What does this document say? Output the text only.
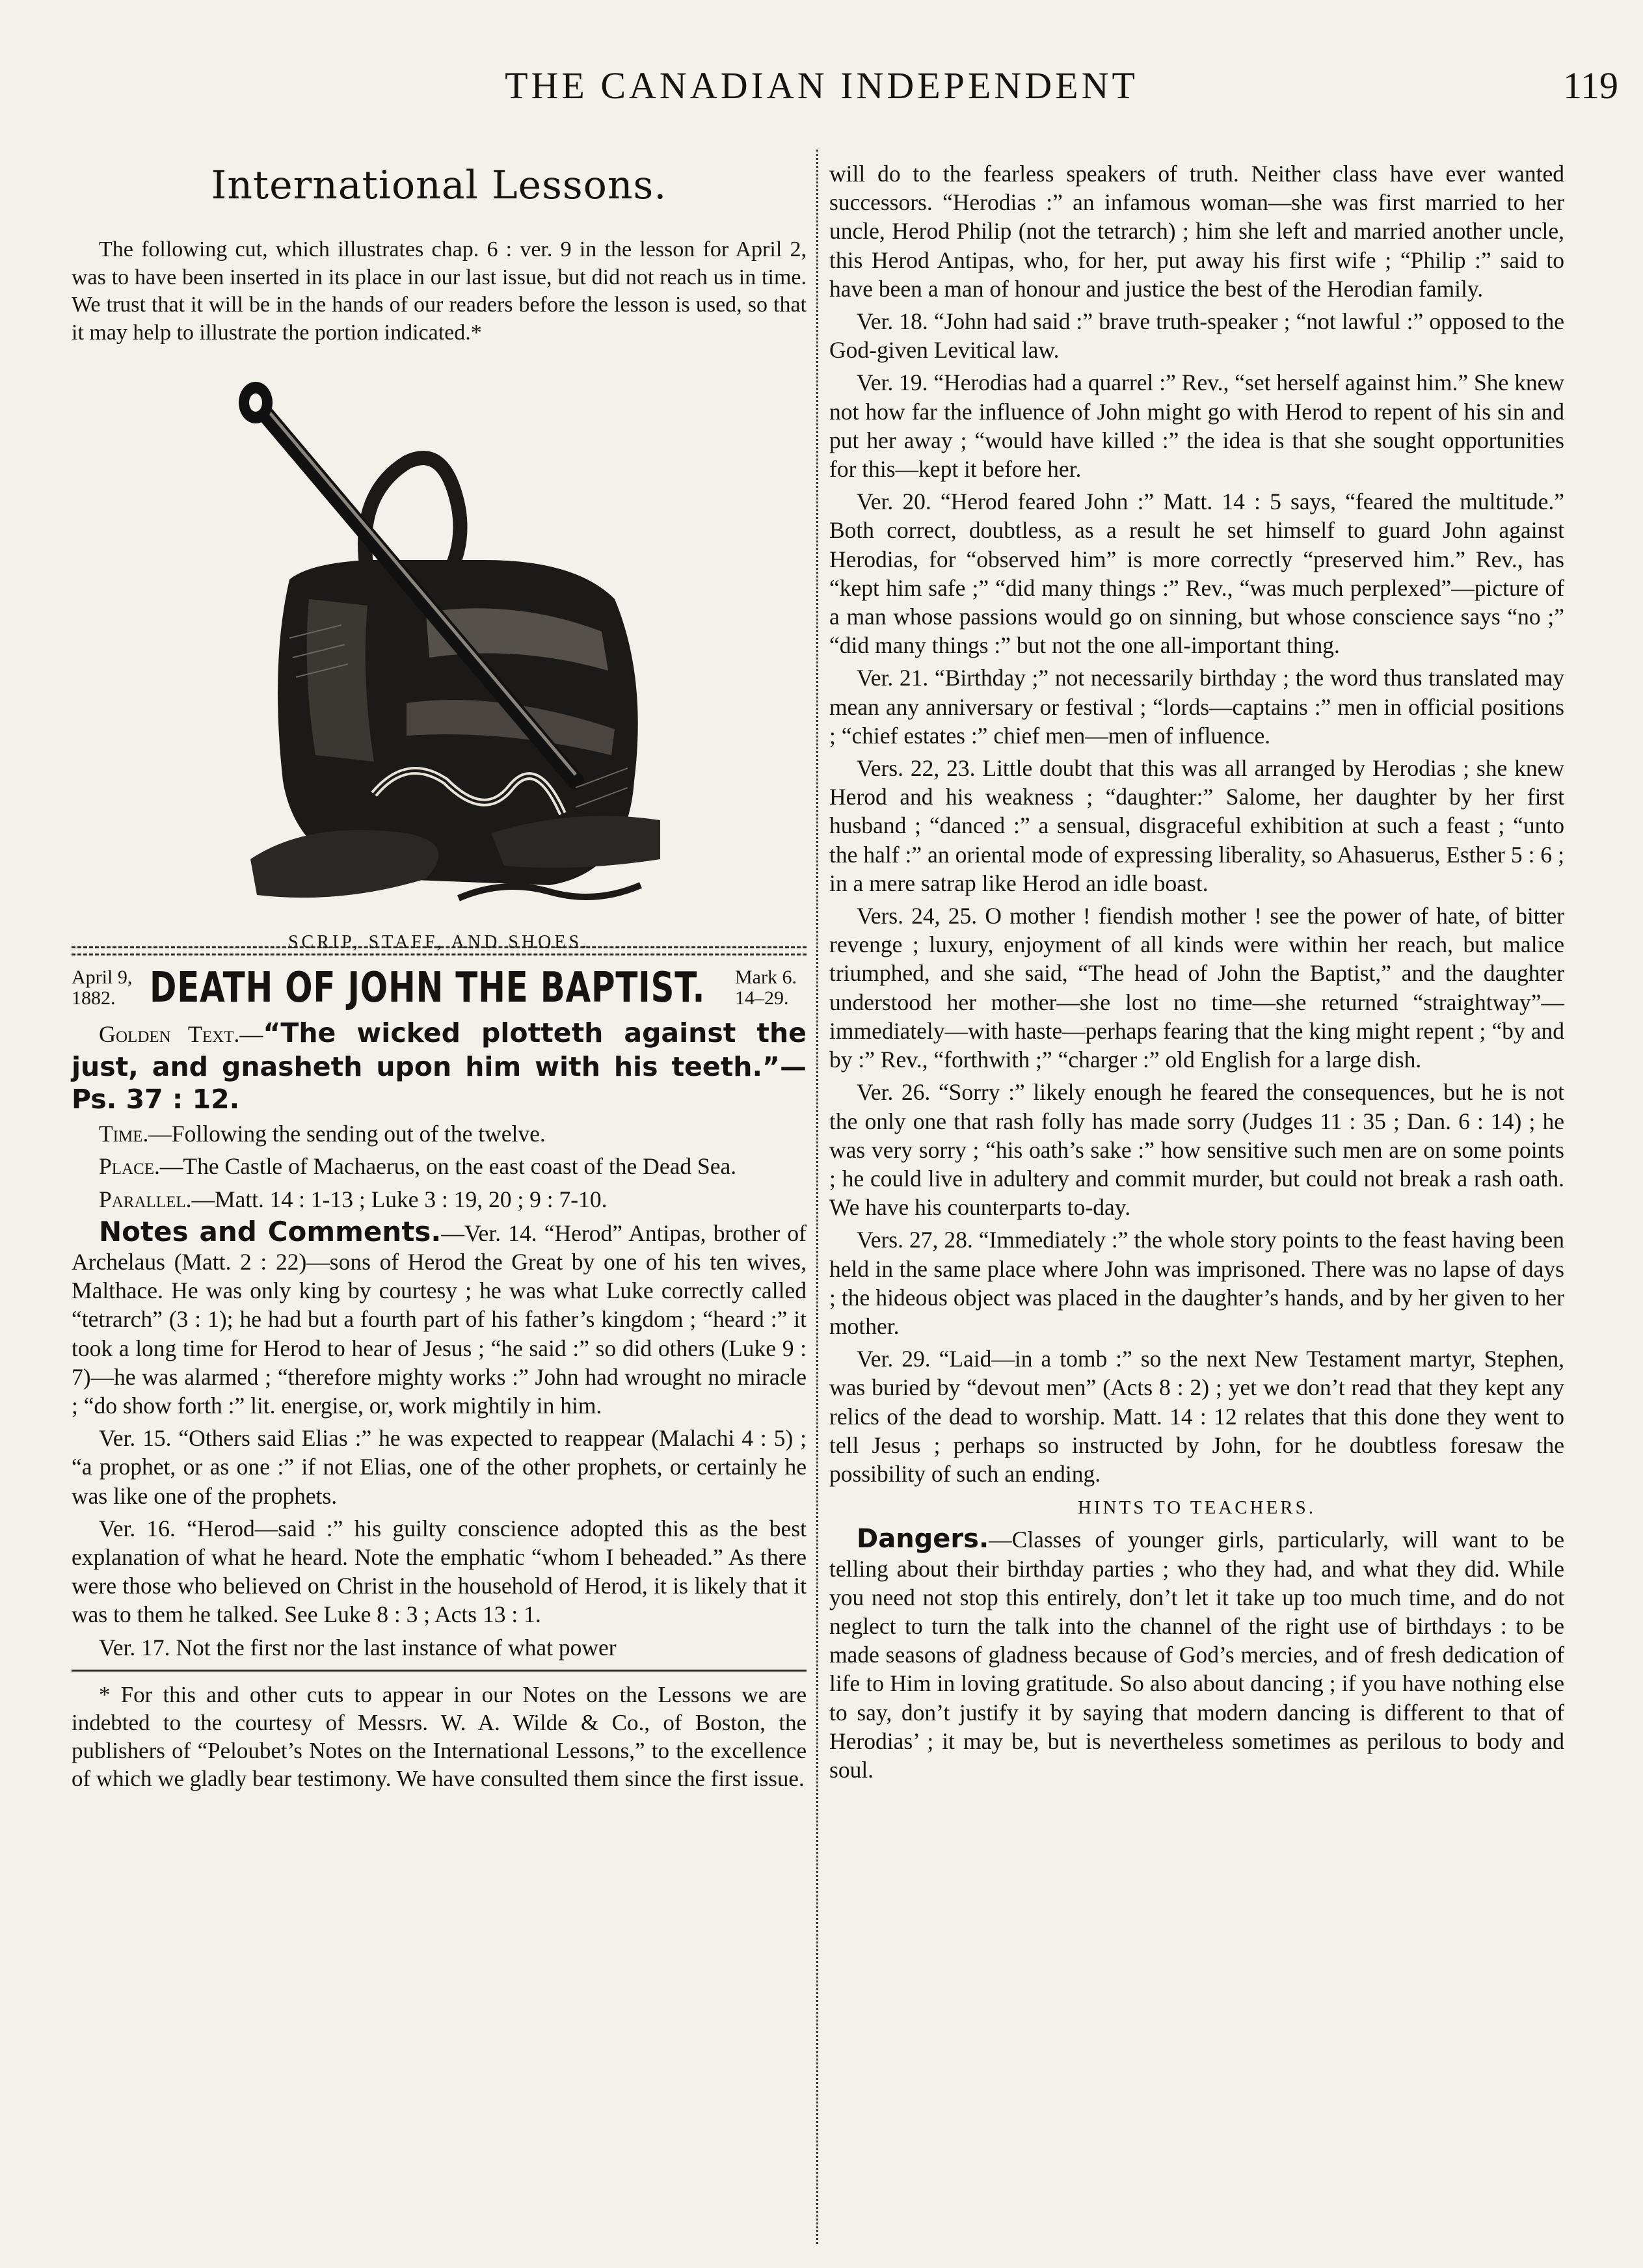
THE CANADIAN INDEPENDENT	119
International Lessons.

The following cut, which illustrates chap. 6 : ver. 9 in the lesson for April 2, was to have been inserted in its place in our last issue, but did not reach us in time. We trust that it will be in the hands of our readers before the lesson is used, so that it may help to illustrate the portion indicated.*

SCRIP, STAFF, AND SHOES.
April 9,
1882. DEATH OF JOHN THE BAPTIST. Mark 6.
14–29.

Golden Text.—“The wicked plotteth against the just, and gnasheth upon him with his teeth.”—Ps. 37 : 12.

Time.—Following the sending out of the twelve.

Place.—The Castle of Machaerus, on the east coast of the Dead Sea.

Parallel.—Matt. 14 : 1-13 ; Luke 3 : 19, 20 ; 9 : 7-10.

Notes and Comments.—Ver. 14. “Herod” Antipas, brother of Archelaus (Matt. 2 : 22)—sons of Herod the Great by one of his ten wives, Malthace. He was only king by courtesy ; he was what Luke correctly called “tetrarch” (3 : 1); he had but a fourth part of his father’s kingdom ; “heard :” it took a long time for Herod to hear of Jesus ; “he said :” so did others (Luke 9 : 7)—he was alarmed ; “therefore mighty works :” John had wrought no miracle ; “do show forth :” lit. energise, or, work mightily in him.

Ver. 15. “Others said Elias :” he was expected to reappear (Malachi 4 : 5) ; “a prophet, or as one :” if not Elias, one of the other prophets, or certainly he was like one of the prophets.

Ver. 16. “Herod—said :” his guilty conscience adopted this as the best explanation of what he heard. Note the emphatic “whom I beheaded.” As there were those who believed on Christ in the household of Herod, it is likely that it was to them he talked. See Luke 8 : 3 ; Acts 13 : 1.

Ver. 17. Not the first nor the last instance of what power

* For this and other cuts to appear in our Notes on the Lessons we are indebted to the courtesy of Messrs. W. A. Wilde & Co., of Boston, the publishers of “Peloubet’s Notes on the International Lessons,” to the excellence of which we gladly bear testimony. We have consulted them since the first issue.

will do to the fearless speakers of truth. Neither class have ever wanted successors. “Herodias :” an infamous woman—she was first married to her uncle, Herod Philip (not the tetrarch) ; him she left and married another uncle, this Herod Antipas, who, for her, put away his first wife ; “Philip :” said to have been a man of honour and justice the best of the Herodian family.

Ver. 18. “John had said :” brave truth-speaker ; “not lawful :” opposed to the God-given Levitical law.

Ver. 19. “Herodias had a quarrel :” Rev., “set herself against him.” She knew not how far the influence of John might go with Herod to repent of his sin and put her away ; “would have killed :” the idea is that she sought opportunities for this—kept it before her.

Ver. 20. “Herod feared John :” Matt. 14 : 5 says, “feared the multitude.” Both correct, doubtless, as a result he set himself to guard John against Herodias, for “observed him” is more correctly “preserved him.” Rev., has “kept him safe ;” “did many things :” Rev., “was much perplexed”—picture of a man whose passions would go on sinning, but whose conscience says “no ;” “did many things :” but not the one all-important thing.

Ver. 21. “Birthday ;” not necessarily birthday ; the word thus translated may mean any anniversary or festival ; “lords—captains :” men in official positions ; “chief estates :” chief men—men of influence.

Vers. 22, 23. Little doubt that this was all arranged by Herodias ; she knew Herod and his weakness ; “daughter:” Salome, her daughter by her first husband ; “danced :” a sensual, disgraceful exhibition at such a feast ; “unto the half :” an oriental mode of expressing liberality, so Ahasuerus, Esther 5 : 6 ; in a mere satrap like Herod an idle boast.

Vers. 24, 25. O mother ! fiendish mother ! see the power of hate, of bitter revenge ; luxury, enjoyment of all kinds were within her reach, but malice triumphed, and she said, “The head of John the Baptist,” and the daughter understood her mother—she lost no time—she returned “straightway”—immediately—with haste—perhaps fearing that the king might repent ; “by and by :” Rev., “forthwith ;” “charger :” old English for a large dish.

Ver. 26. “Sorry :” likely enough he feared the consequences, but he is not the only one that rash folly has made sorry (Judges 11 : 35 ; Dan. 6 : 14) ; he was very sorry ; “his oath’s sake :” how sensitive such men are on some points ; he could live in adultery and commit murder, but could not break a rash oath. We have his counterparts to-day.

Vers. 27, 28. “Immediately :” the whole story points to the feast having been held in the same place where John was imprisoned. There was no lapse of days ; the hideous object was placed in the daughter’s hands, and by her given to her mother.

Ver. 29. “Laid—in a tomb :” so the next New Testament martyr, Stephen, was buried by “devout men” (Acts 8 : 2) ; yet we don’t read that they kept any relics of the dead to worship. Matt. 14 : 12 relates that this done they went to tell Jesus ; perhaps so instructed by John, for he doubtless foresaw the possibility of such an ending.

HINTS TO TEACHERS.

Dangers.—Classes of younger girls, particularly, will want to be telling about their birthday parties ; who they had, and what they did. While you need not stop this entirely, don’t let it take up too much time, and do not neglect to turn the talk into the channel of the right use of birthdays : to be made seasons of gladness because of God’s mercies, and of fresh dedication of life to Him in loving gratitude. So also about dancing ; if you have nothing else to say, don’t justify it by saying that modern dancing is different to that of Herodias’ ; it may be, but is nevertheless sometimes as perilous to body and soul.
